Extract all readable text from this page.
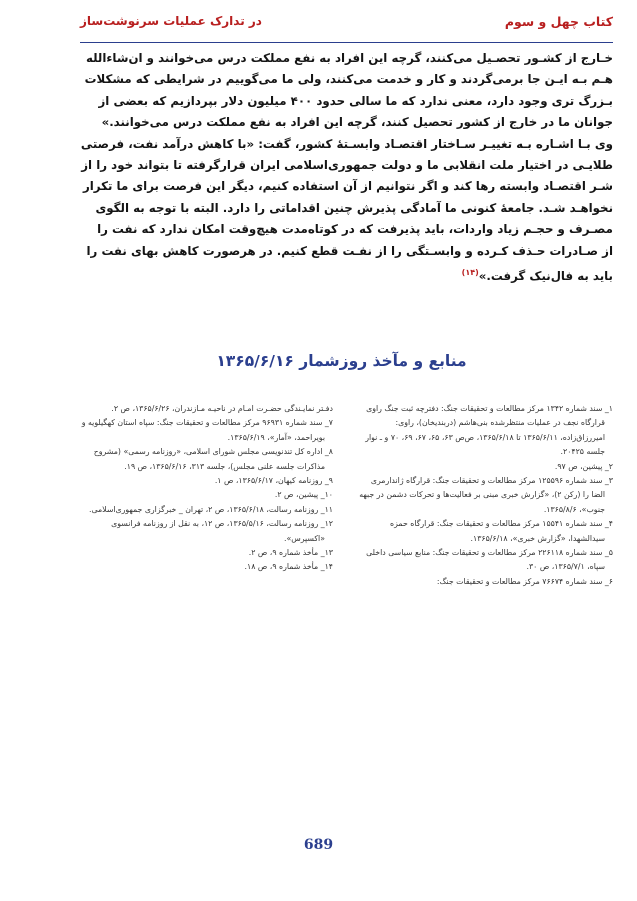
کتاب چهل و سوم
در تدارک عملیات سرنوشت‌ساز

خـارج از کشـور تحصـیل می‌کنند، گرچه این افراد به نفع مملکت درس می‌خوانند و ان‌شاءالله

هـم بـه ایـن جا برمی‌گردند و کار و خدمت می‌کنند، ولی ما می‌گوییم در شرایطی که مشکلات

بـزرگ تری وجود دارد، معنی ندارد که ما سالی حدود ۴۰۰ میلیون دلار بپردازیم که بعضی از

جوانان ما در خارج از کشور تحصیل کنند، گرچه این افراد به نفع مملکت درس می‌خوانند.»

وی بـا اشـاره بـه تغییـر سـاختار اقتصـاد وابسـتهٔ کشور، گفت: «با کاهش درآمد نفت، فرصتی

طلایـی در اختیار ملت انقلابی ما و دولت جمهوری‌اسلامی ایران قرارگرفته تا بتواند خود را از

شـر اقتصـاد وابسته رها کند و اگر نتوانیم از آن استفاده کنیم، دیگر این فرصت برای ما تکرار

نخواهـد شـد. جامعهٔ کنونی ما آمادگی پذیرش چنین اقداماتی را دارد. البته با توجه به الگوی

مصـرف و حجـم زیاد واردات، باید پذیرفت که در کوتاه‌مدت هیچ‌وقت امکان ندارد که نفت را

از صـادرات حـذف کـرده و وابسـتگی را از نفـت قطع کنیم. در هرصورت کاهش بهای نفت را

باید به فال‌نیک گرفت.»$^{(۱۴)}$

منابع و مآخذ روزشمار ۱۳۶۵/۶/۱۶

۱_ سند شماره ۱۳۴۲ مرکز مطالعات و تحقیقات جنگ: دفترچه ثبت جنگ راوی قرارگاه نجف در عملیات منتظرشده بنی‌هاشم (دربندیخان)، راوی: امیررزاق‌زاده، ۱۳۶۵/۶/۱۱ تا ۱۳۶۵/۶/۱۸، ص‌ص ۶۳، ۶۵، ۶۷، ۶۹، ۷۰ و ـ نوار جلسه ۲۰۴۲۵.

۲_ پیشین، ص ۹۷.

۳_ سند شماره ۱۲۵۵۹۶ مرکز مطالعات و تحقیقات جنگ: قرارگاه ژاندارمری الضا را (رکن ۲)، «گزارش خبری مبنی بر فعالیت‌ها و تحرکات دشمن در جبهه جنوب»، ۱۳۶۵/۸/۶.

۴_ سند شماره ۱۵۵۴۱ مرکز مطالعات و تحقیقات جنگ: قرارگاه حمزه سیدالشهدا، «گزارش خبری»، ۱۳۶۵/۶/۱۸.

۵_ سند شماره ۲۲۶۱۱۸ مرکز مطالعات و تحقیقات جنگ: منابع سیاسی داخلی سپاه، ۱۳۶۵/۷/۱، ص ۳۰.

۶_ سند شماره ۷۶۶۷۴ مرکز مطالعات و تحقیقات جنگ:

دفـتر نمایـندگی حضـرت امـام در ناحیـه مـازندران، ۱۳۶۵/۶/۲۶، ص ۲.

۷_ سند شماره ۹۶۹۳۱ مرکز مطالعات و تحقیقات جنگ: سپاه استان کهگیلویه و بویراحمد، «آمار»، ۱۳۶۵/۶/۱۹.

۸_ اداره کل تندنویسی مجلس شورای اسلامی، «روزنامه رسمی» (مشروح مذاکرات جلسه علنی مجلس)، جلسه ۳۱۳، ۱۳۶۵/۶/۱۶، ص ۱۹.

۹_ روزنامه کیهان، ۱۳۶۵/۶/۱۷، ص ۱.

۱۰_ پیشین، ص ۲.

۱۱_ روزنامه رسالت، ۱۳۶۵/۶/۱۸، ص ۲، تهران _ خبرگزاری جمهوری‌اسلامی.

۱۲_ روزنامه رسالت، ۱۳۶۵/۵/۱۶، ص ۱۲، به نقل از روزنامه فرانسوی «اکسپرس».

۱۳_ مأخذ شماره ۹، ص ۲.

۱۴_ مأخذ شماره ۹، ص ۱۸.

689
